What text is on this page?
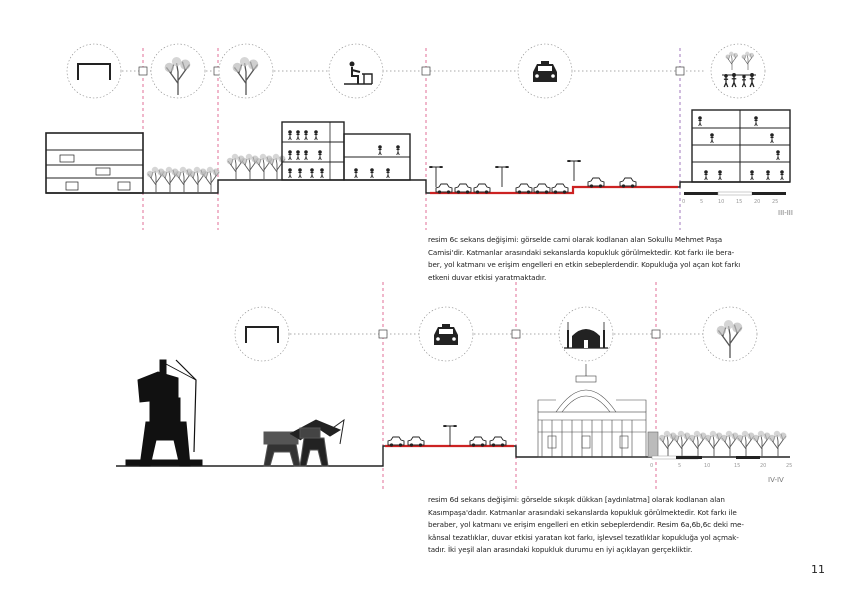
0	5	10 15 20 25
III-III
0	5	10	15	20	25
IV-IV
resim 6c sekans değişimi: görselde cami olarak kodlanan alan Sokullu Mehmet Paşa
Camisi'dir. Katmanlar arasındaki sekanslarda kopukluk görülmektedir. Kot farkı ile bera-
ber, yol katmanı ve erişim engelleri en etkin sebeplerdendir. Kopukluğa yol açan kot farkı
etkeni duvar etkisi yaratmaktadır.
resim 6d sekans değişimi: görselde sıkışık dükkan [aydınlatma] olarak kodlanan alan
Kasımpaşa'dadır. Katmanlar arasındaki sekanslarda kopukluk görülmektedir. Kot farkı ile
beraber, yol katmanı ve erişim engelleri en etkin sebeplerdendir. Resim 6a,6b,6c deki me-
kânsal tezatlıklar, duvar etkisi yaratan kot farkı, işlevsel tezatlıklar kopukluğa yol açmak-
tadır. İki yeşil alan arasındaki kopukluk durumu en iyi açıklayan gerçekliktir.
11
